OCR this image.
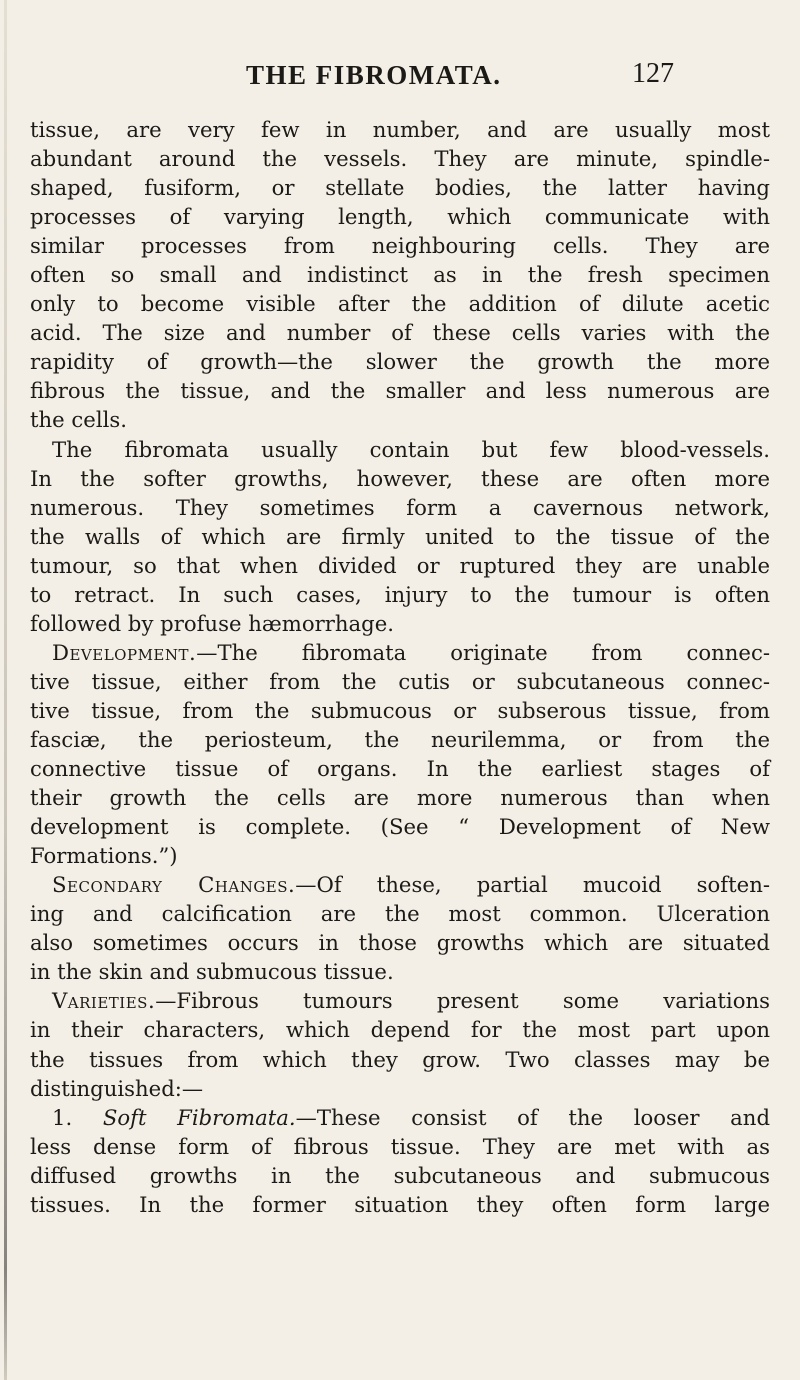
THE FIBROMATA.	127
tissue, are very few in number, and are usually most
abundant around the vessels. They are minute, spindle-
shaped, fusiform, or stellate bodies, the latter having
processes of varying length, which communicate with
similar processes from neighbouring cells. They are
often so small and indistinct as in the fresh specimen
only to become visible after the addition of dilute acetic
acid. The size and number of these cells varies with the
rapidity of growth—the slower the growth the more
fibrous the tissue, and the smaller and less numerous are
the cells.
The fibromata usually contain but few blood-vessels.
In the softer growths, however, these are often more
numerous. They sometimes form a cavernous network,
the walls of which are firmly united to the tissue of the
tumour, so that when divided or ruptured they are unable
to retract. In such cases, injury to the tumour is often
followed by profuse hæmorrhage.
Development.—The fibromata originate from connec-
tive tissue, either from the cutis or subcutaneous connec-
tive tissue, from the submucous or subserous tissue, from
fasciæ, the periosteum, the neurilemma, or from the
connective tissue of organs. In the earliest stages of
their growth the cells are more numerous than when
development is complete. (See “ Development of New
Formations.”)
Secondary Changes.—Of these, partial mucoid soften-
ing and calcification are the most common. Ulceration
also sometimes occurs in those growths which are situated
in the skin and submucous tissue.
Varieties.—Fibrous tumours present some variations
in their characters, which depend for the most part upon
the tissues from which they grow. Two classes may be
distinguished:—
1. Soft Fibromata.—These consist of the looser and
less dense form of fibrous tissue. They are met with as
diffused growths in the subcutaneous and submucous
tissues. In the former situation they often form large
